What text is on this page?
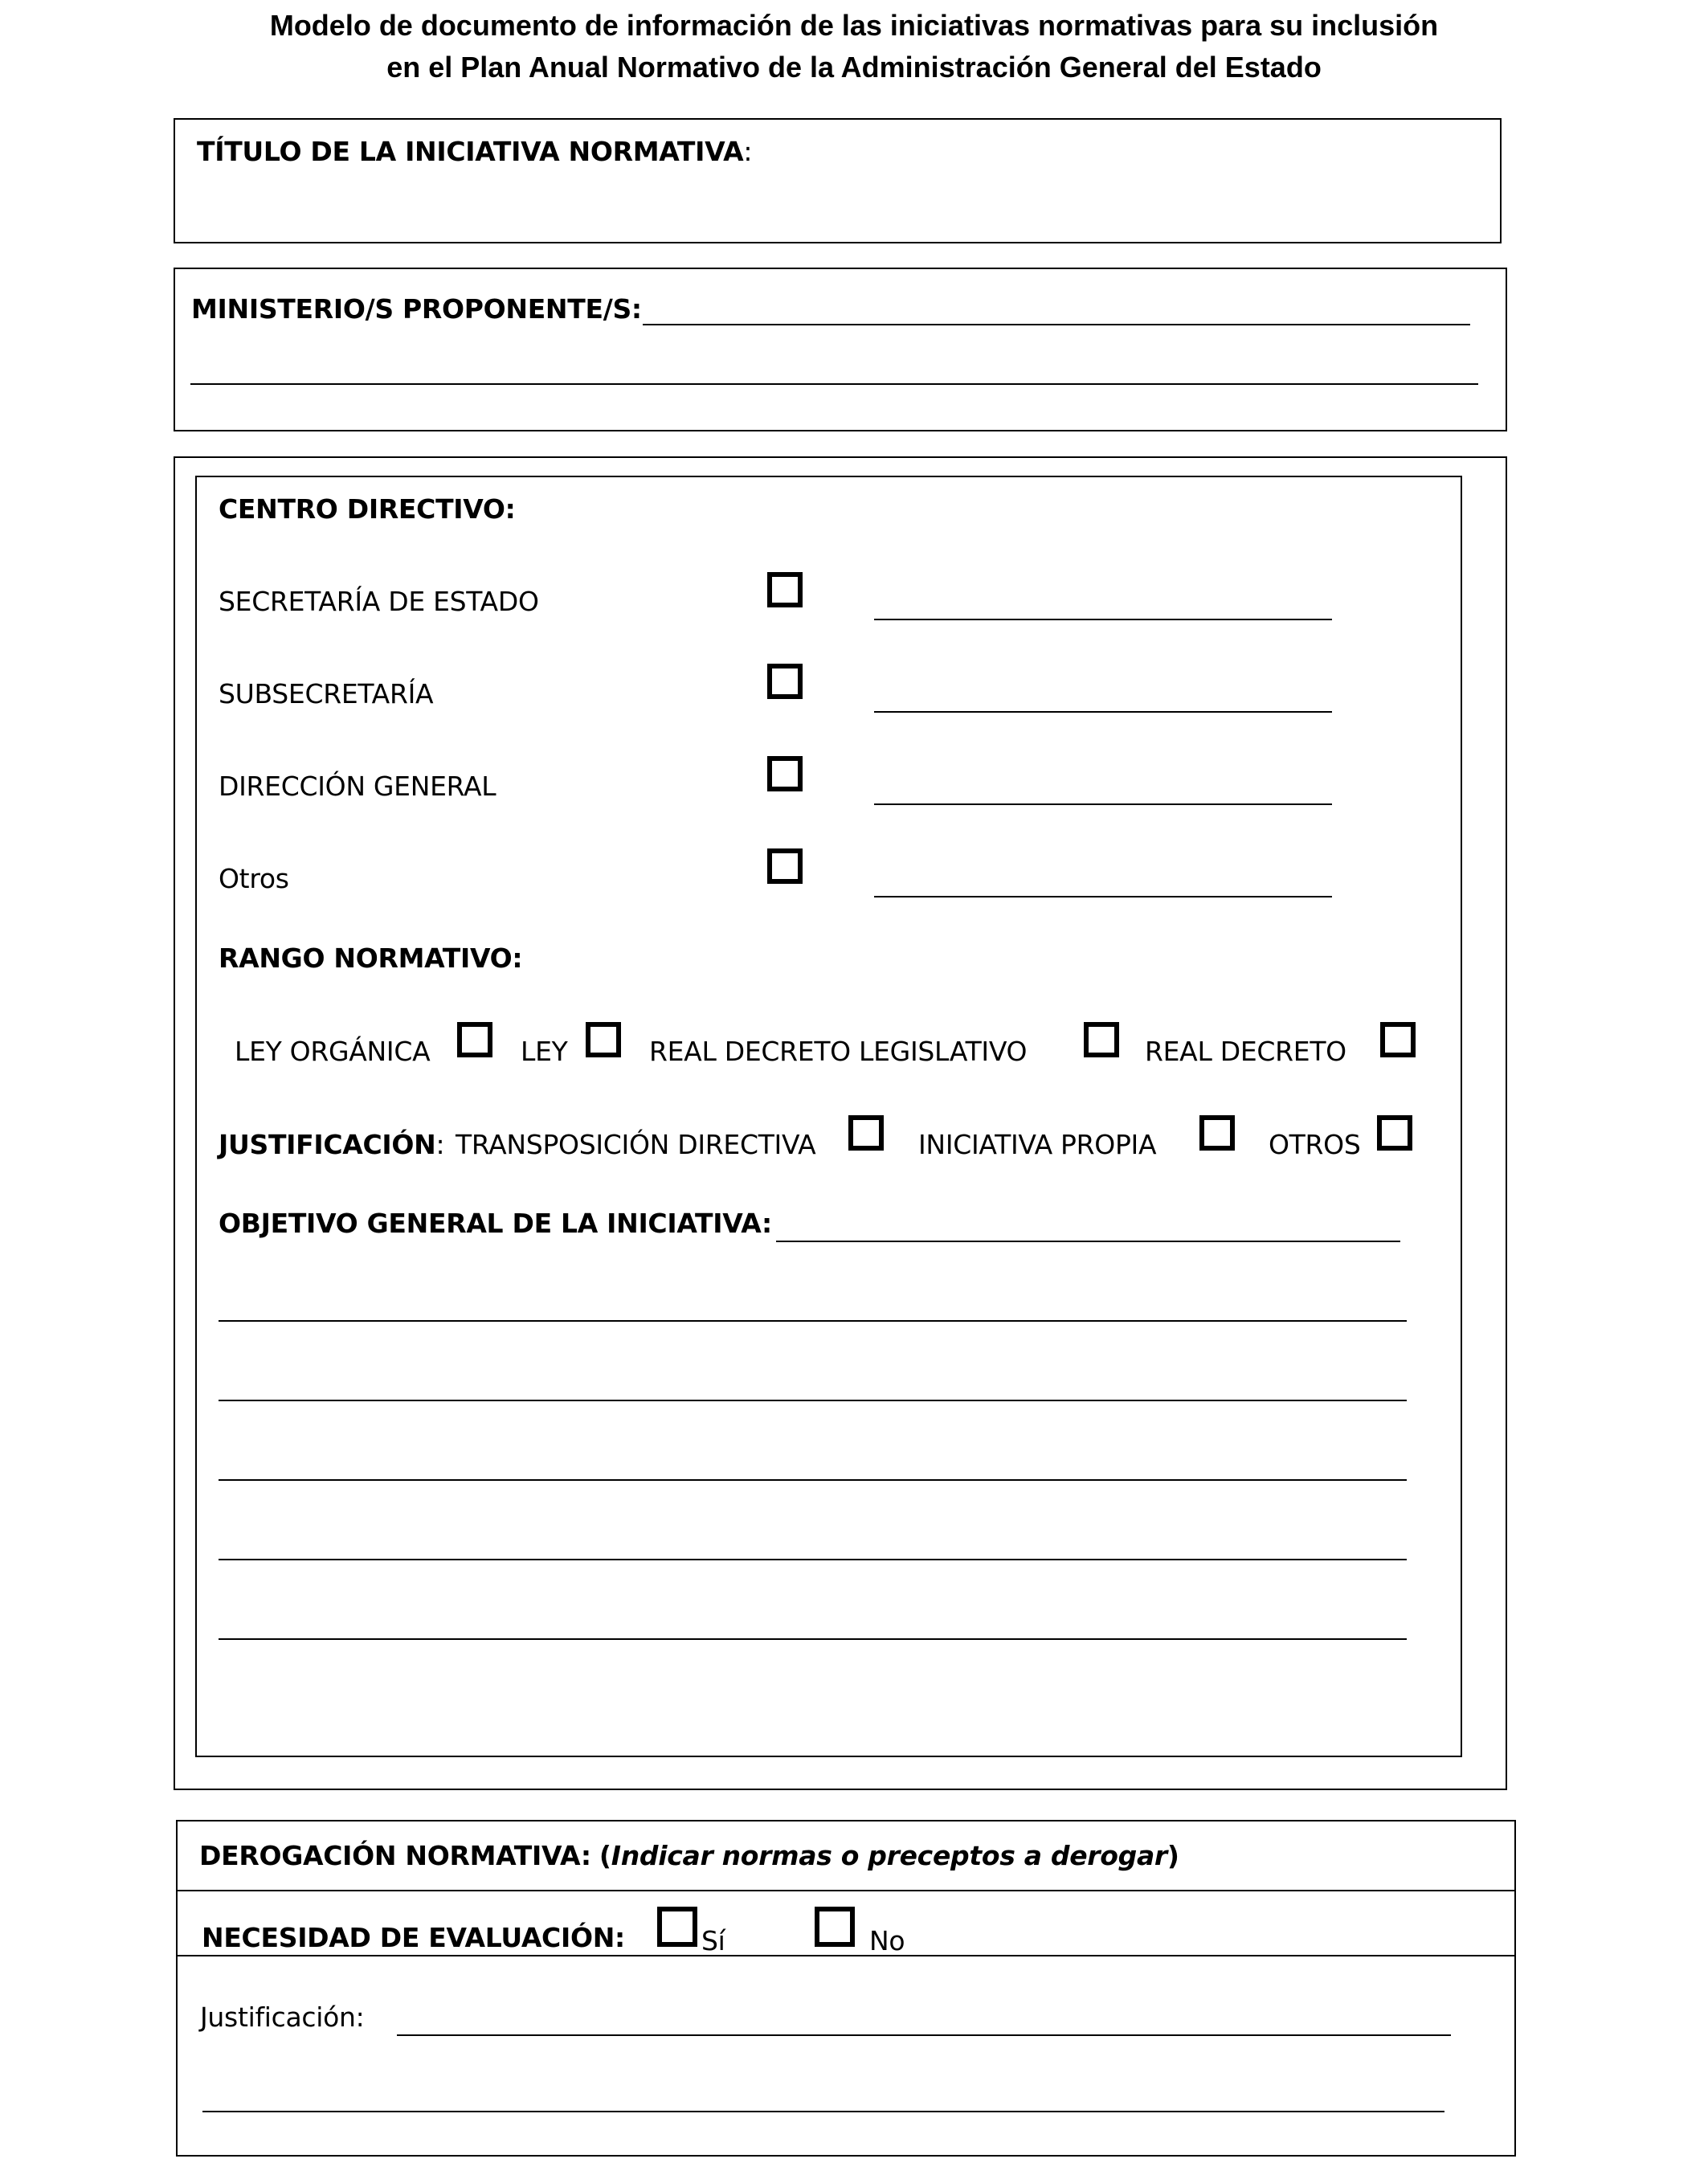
Modelo de documento de información de las iniciativas normativas para su inclusión
en el Plan Anual Normativo de la Administración General del Estado
TÍTULO DE LA INICIATIVA NORMATIVA:
MINISTERIO/S PROPONENTE/S:
CENTRO DIRECTIVO:
SECRETARÍA DE ESTADO
SUBSECRETARÍA
DIRECCIÓN GENERAL
Otros
RANGO NORMATIVO:
LEY ORGÁNICA	LEY	REAL DECRETO LEGISLATIVO	REAL DECRETO
JUSTIFICACIÓN: TRANSPOSICIÓN DIRECTIVA	INICIATIVA PROPIA	OTROS
OBJETIVO GENERAL DE LA INICIATIVA:
DEROGACIÓN NORMATIVA: (Indicar normas o preceptos a derogar)
NECESIDAD DE EVALUACIÓN:	Sí	No
Justificación:
